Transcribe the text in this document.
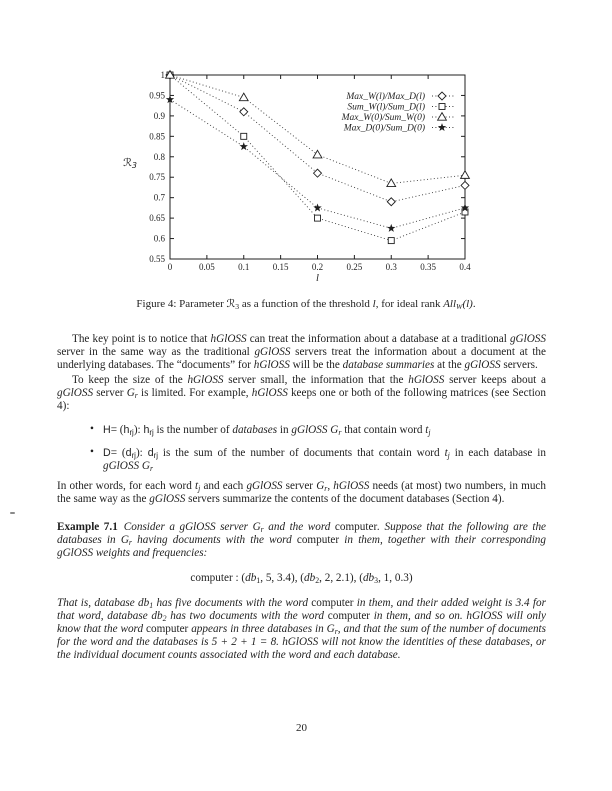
0	0.05	0.1	0.15	0.2	0.25	0.3	0.35	0.4
0.55
0.6
0.65
0.7
0.75
0.8
0.85
0.9
0.95
1
Max_W(l)/Max_D(l)
Sum_W(l)/Sum_D(l)
Max_W(0)/Sum_W(0)
Max_D(0)/Sum_D(0)
l
ℛ3
Figure 4: Parameter ℛ3 as a function of the threshold l, for ideal rank AllW(l).

The key point is to notice that hGlOSS can treat the information about a database at a traditional gGlOSS server in the same way as the traditional gGlOSS servers treat the information about a document at the underlying databases. The “documents” for hGlOSS will be the database summaries at the gGlOSS servers.

To keep the size of the hGlOSS server small, the information that the hGlOSS server keeps about a gGlOSS server Gr is limited. For example, hGlOSS keeps one or both of the following matrices (see Section 4):

• H= (hrj): hrj is the number of databases in gGlOSS Gr that contain word tj
• D= (drj): drj is the sum of the number of documents that contain word tj in each database in gGlOSS Gr

In other words, for each word tj and each gGlOSS server Gr, hGlOSS needs (at most) two numbers, in much the same way as the gGlOSS servers summarize the contents of the document databases (Section 4).

Example 7.1 Consider a gGlOSS server Gr and the word computer. Suppose that the following are the databases in Gr having documents with the word computer in them, together with their corresponding gGlOSS weights and frequencies:

computer : (db1, 5, 3.4), (db2, 2, 2.1), (db3, 1, 0.3)

That is, database db1 has five documents with the word computer in them, and their added weight is 3.4 for that word, database db2 has two documents with the word computer in them, and so on. hGlOSS will only know that the word computer appears in three databases in Gr, and that the sum of the number of documents for the word and the databases is 5 + 2 + 1 = 8. hGlOSS will not know the identities of these databases, or the individual document counts associated with the word and each database.

20
